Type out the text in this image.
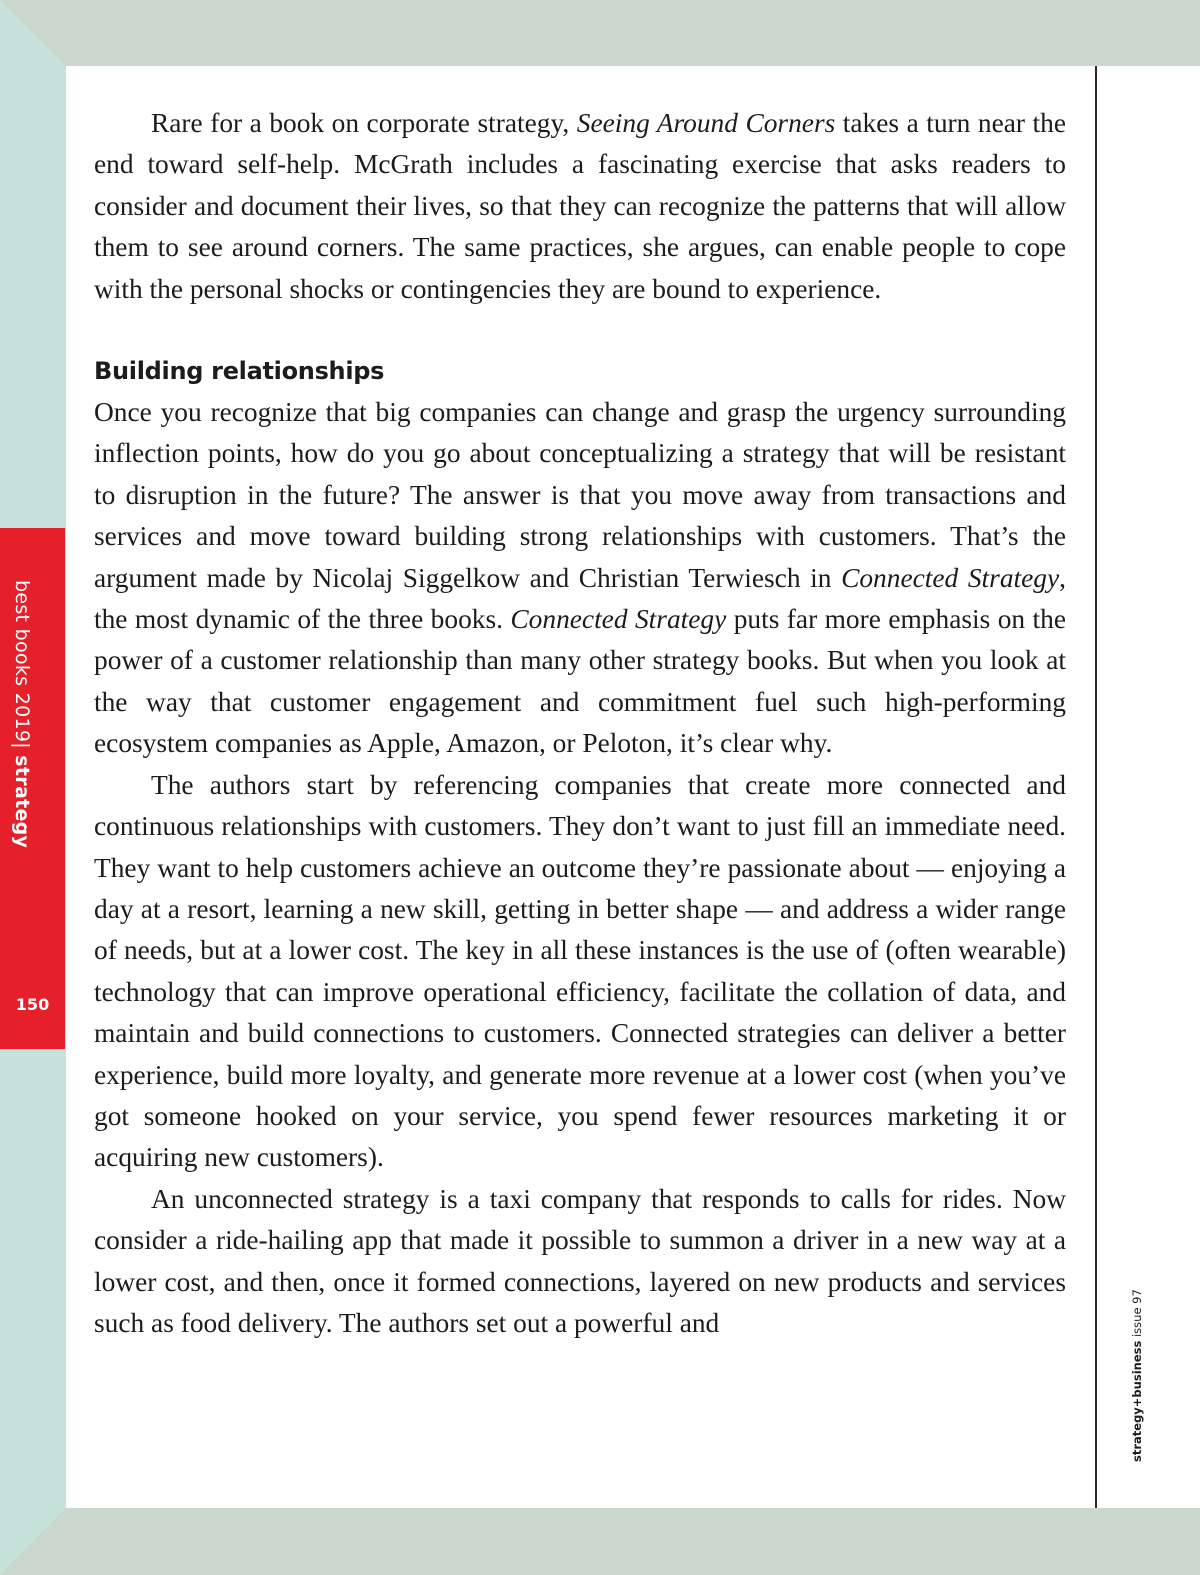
best books 2019| strategy
150
strategy+business issue 97

Rare for a book on corporate strategy, Seeing Around Corners takes a turn near the end toward self-help. McGrath includes a fascinating exercise that asks readers to consider and document their lives, so that they can recognize the patterns that will allow them to see around corners. The same practices, she argues, can enable people to cope with the personal shocks or contingencies they are bound to experience.

Building relationships

Once you recognize that big companies can change and grasp the urgency surrounding inflection points, how do you go about conceptualizing a strategy that will be resistant to disruption in the future? The answer is that you move away from transactions and services and move toward building strong relationships with customers. That’s the argument made by Nicolaj Siggelkow and Christian Terwiesch in Connected Strategy, the most dynamic of the three books. Connected Strategy puts far more emphasis on the power of a customer relationship than many other strategy books. But when you look at the way that customer engagement and commitment fuel such high-performing ecosystem companies as Apple, Amazon, or Peloton, it’s clear why.

The authors start by referencing companies that create more connected and continuous relationships with customers. They don’t want to just fill an immediate need. They want to help customers achieve an outcome they’re passionate about — enjoying a day at a resort, learning a new skill, getting in better shape — and address a wider range of needs, but at a lower cost. The key in all these instances is the use of (often wearable) technology that can improve operational efficiency, facilitate the collation of data, and maintain and build connections to customers. Connected strategies can deliver a better experience, build more loyalty, and generate more revenue at a lower cost (when you’ve got someone hooked on your service, you spend fewer resources marketing it or acquiring new customers).

An unconnected strategy is a taxi company that responds to calls for rides. Now consider a ride-hailing app that made it possible to summon a driver in a new way at a lower cost, and then, once it formed connections, layered on new products and services such as food delivery. The authors set out a powerful and
